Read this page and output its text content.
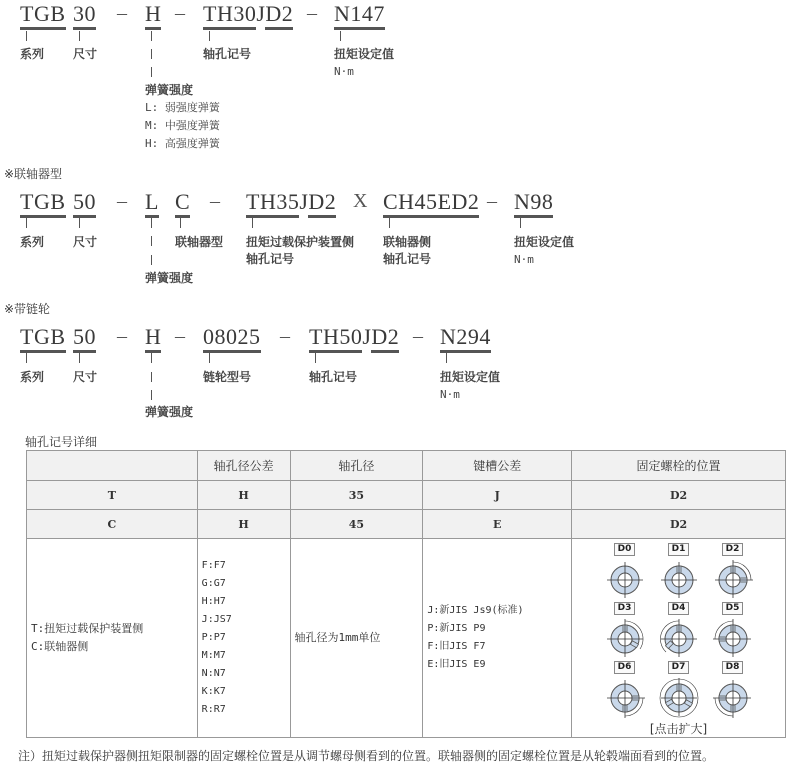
TGB 30 – H – TH30JD2 – N147
系列 尺寸	轴孔记号	扭矩设定值
N·m
弹簧强度
L: 弱强度弹簧
M: 中强度弹簧
H: 高强度弹簧
※联轴器型
TGB 50 – L C – TH35JD2 X CH45ED2 – N98
系列 尺寸	联轴器型 扭矩过载保护装置侧
轴孔记号
联轴器侧
轴孔记号
扭矩设定值
N·m
弹簧强度
※带链轮
TGB 50 – H – 08025 – TH50JD2 – N294
系列 尺寸	链轮型号	轴孔记号	扭矩设定值
N·m
弹簧强度
轴孔记号详细
	轴孔径公差	轴孔径	键槽公差	固定螺栓的位置
T	H	35	J	D2
C	H	45	E	D2

T:扭矩过载保护装置侧
C:联轴器侧

F:F7
G:G7
H:H7
J:JS7
P:P7
M:M7
N:N7
K:K7
R:R7

轴孔径为1mm单位

J:新JIS Js9(标准)
P:新JIS P9
F:旧JIS F7
E:旧JIS E9

D0	D1	D2
D3	D4	D5
D6	D7	D8
[点击扩大]
注）扭矩过载保护器侧扭矩限制器的固定螺栓位置是从调节螺母侧看到的位置。联轴器侧的固定螺栓位置是从轮毂端面看到的位置。
